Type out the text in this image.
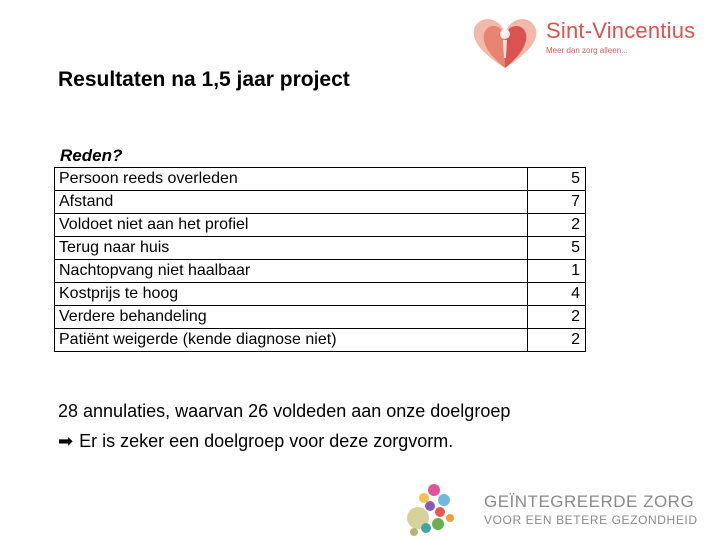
Sint-Vincentius
Meer dan zorg alleen...
Resultaten na 1,5 jaar project
Reden?
Persoon reeds overleden	5
Afstand	7
Voldoet niet aan het profiel	2
Terug naar huis	5
Nachtopvang niet haalbaar	1
Kostprijs te hoog	4
Verdere behandeling	2
Patiënt weigerde (kende diagnose niet)	2
28 annulaties, waarvan 26 voldeden aan onze doelgroep
➡ Er is zeker een doelgroep voor deze zorgvorm.
GEÏNTEGREERDE ZORG
VOOR EEN BETERE GEZONDHEID
